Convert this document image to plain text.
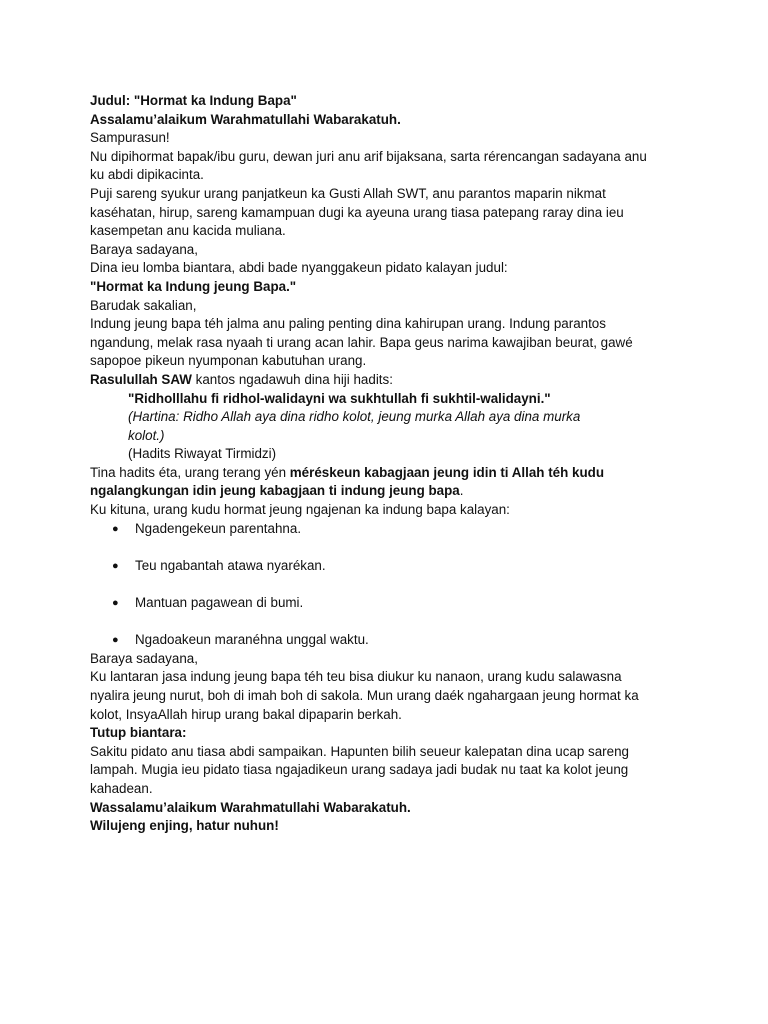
Judul: "Hormat ka Indung Bapa"
Assalamu’alaikum Warahmatullahi Wabarakatuh.
Sampurasun!
Nu dipihormat bapak/ibu guru, dewan juri anu arif bijaksana, sarta rérencangan sadayana anu
ku abdi dipikacinta.
Puji sareng syukur urang panjatkeun ka Gusti Allah SWT, anu parantos maparin nikmat
kaséhatan, hirup, sareng kamampuan dugi ka ayeuna urang tiasa patepang raray dina ieu
kasempetan anu kacida muliana.
Baraya sadayana,
Dina ieu lomba biantara, abdi bade nyanggakeun pidato kalayan judul:
"Hormat ka Indung jeung Bapa."
Barudak sakalian,
Indung jeung bapa téh jalma anu paling penting dina kahirupan urang. Indung parantos
ngandung, melak rasa nyaah ti urang acan lahir. Bapa geus narima kawajiban beurat, gawé
sapopoe pikeun nyumponan kabutuhan urang.
Rasulullah SAW kantos ngadawuh dina hiji hadits:
"Ridholllahu fi ridhol-walidayni wa sukhtullah fi sukhtil-walidayni."
(Hartina: Ridho Allah aya dina ridho kolot, jeung murka Allah aya dina murka
kolot.)
(Hadits Riwayat Tirmidzi)
Tina hadits éta, urang terang yén méréskeun kabagjaan jeung idin ti Allah téh kudu
ngalangkungan idin jeung kabagjaan ti indung jeung bapa.
Ku kituna, urang kudu hormat jeung ngajenan ka indung bapa kalayan:
● Ngadengekeun parentahna.
● Teu ngabantah atawa nyarékan.
● Mantuan pagawean di bumi.
● Ngadoakeun maranéhna unggal waktu.
Baraya sadayana,
Ku lantaran jasa indung jeung bapa téh teu bisa diukur ku nanaon, urang kudu salawasna
nyalira jeung nurut, boh di imah boh di sakola. Mun urang daék ngahargaan jeung hormat ka
kolot, InsyaAllah hirup urang bakal dipaparin berkah.
Tutup biantara:
Sakitu pidato anu tiasa abdi sampaikan. Hapunten bilih seueur kalepatan dina ucap sareng
lampah. Mugia ieu pidato tiasa ngajadikeun urang sadaya jadi budak nu taat ka kolot jeung
kahadean.
Wassalamu’alaikum Warahmatullahi Wabarakatuh.
Wilujeng enjing, hatur nuhun!
